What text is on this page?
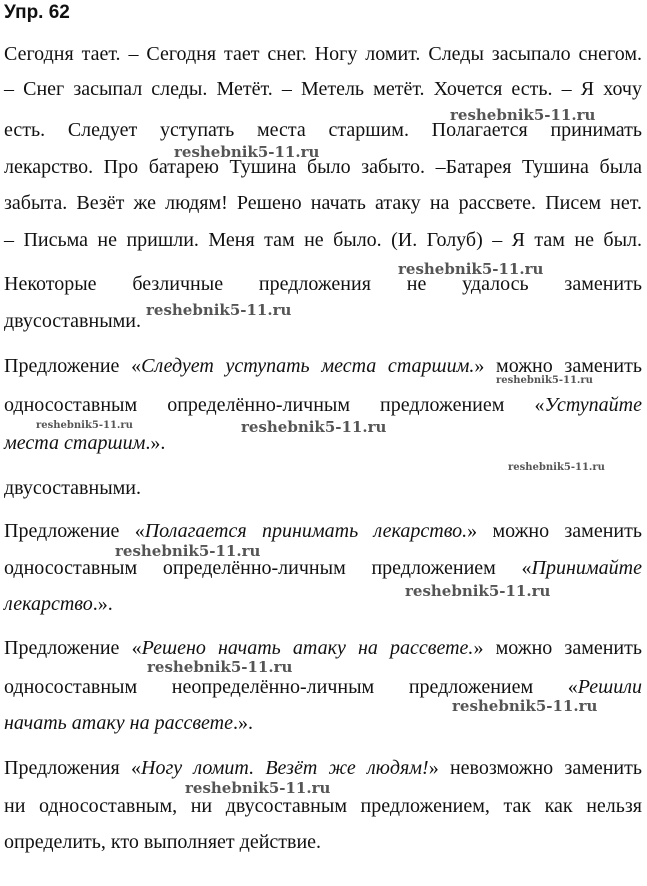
Упр. 62
Сегодня тает. – Сегодня тает снег. Ногу ломит. Следы засыпало снегом.
– Снег засыпал следы. Метёт. – Метель метёт. Хочется есть. – Я хочу
есть. Следует уступать места старшим. Полагается принимать
лекарство. Про батарею Тушина было забыто. –Батарея Тушина была
забыта. Везёт же людям! Решено начать атаку на рассвете. Писем нет.
– Письма не пришли. Меня там не было. (И. Голуб) – Я там не был.
Некоторые безличные предложения не удалось заменить
двусоставными.
Предложение «Следует уступать места старшим.» можно заменить
односоставным определённо-личным предложением «Уступайте
места старшим.».
двусоставными.
Предложение «Полагается принимать лекарство.» можно заменить
односоставным определённо-личным предложением «Принимайте
лекарство.».
Предложение «Решено начать атаку на рассвете.» можно заменить
односоставным неопределённо-личным предложением «Решили
начать атаку на рассвете.».
Предложения «Ногу ломит. Везёт же людям!» невозможно заменить
ни односоставным, ни двусоставным предложением, так как нельзя
определить, кто выполняет действие.
reshebnik5-11.ru
reshebnik5-11.ru
reshebnik5-11.ru
reshebnik5-11.ru
reshebnik5-11.ru
reshebnik5-11.ru	reshebnik5-11.ru
reshebnik5-11.ru
reshebnik5-11.ru
reshebnik5-11.ru
reshebnik5-11.ru
reshebnik5-11.ru
reshebnik5-11.ru
